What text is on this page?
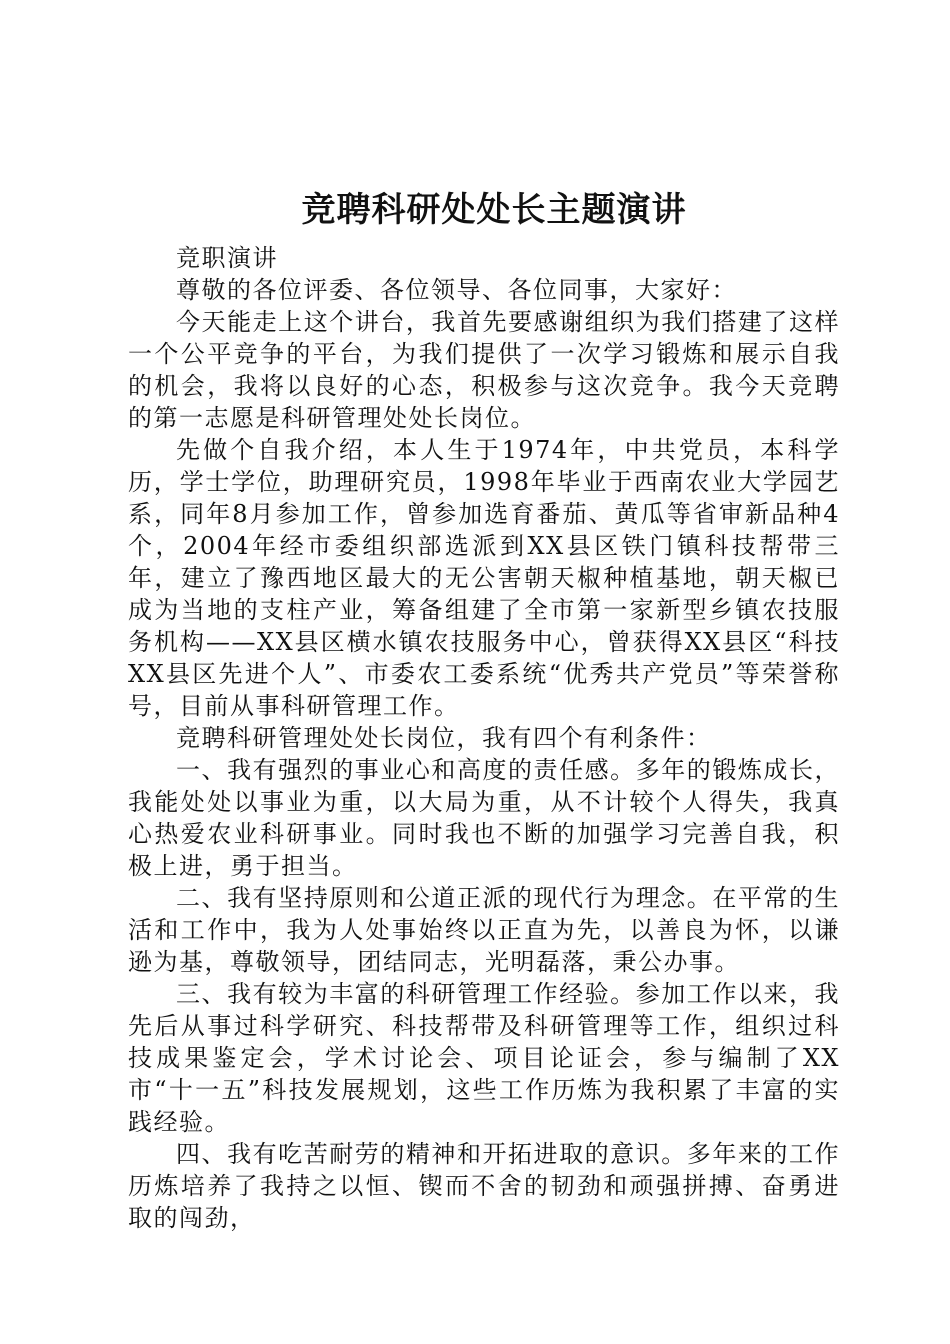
竞聘科研处处长主题演讲

竞职演讲

尊敬的各位评委、各位领导、各位同事，大家好：

今天能走上这个讲台，我首先要感谢组织为我们搭建了这样一个公平竞争的平台，为我们提供了一次学习锻炼和展示自我的机会，我将以良好的心态，积极参与这次竞争。我今天竞聘的第一志愿是科研管理处处长岗位。

先做个自我介绍，本人生于1974年，中共党员，本科学历，学士学位，助理研究员，1998年毕业于西南农业大学园艺系，同年8月参加工作，曾参加选育番茄、黄瓜等省审新品种4个，2004年经市委组织部选派到XX县区铁门镇科技帮带三年，建立了豫西地区最大的无公害朝天椒种植基地，朝天椒已成为当地的支柱产业，筹备组建了全市第一家新型乡镇农技服务机构——XX县区横水镇农技服务中心，曾获得XX县区“科技XX县区先进个人”、市委农工委系统“优秀共产党员”等荣誉称号，目前从事科研管理工作。

竞聘科研管理处处长岗位，我有四个有利条件：

一、我有强烈的事业心和高度的责任感。多年的锻炼成长，我能处处以事业为重，以大局为重，从不计较个人得失，我真心热爱农业科研事业。同时我也不断的加强学习完善自我，积极上进，勇于担当。

二、我有坚持原则和公道正派的现代行为理念。在平常的生活和工作中，我为人处事始终以正直为先，以善良为怀，以谦逊为基，尊敬领导，团结同志，光明磊落，秉公办事。

三、我有较为丰富的科研管理工作经验。参加工作以来，我先后从事过科学研究、科技帮带及科研管理等工作，组织过科技成果鉴定会，学术讨论会、项目论证会，参与编制了XX市“十一五”科技发展规划，这些工作历炼为我积累了丰富的实践经验。

四、我有吃苦耐劳的精神和开拓进取的意识。多年来的工作历炼培养了我持之以恒、锲而不舍的韧劲和顽强拼搏、奋勇进取的闯劲，
